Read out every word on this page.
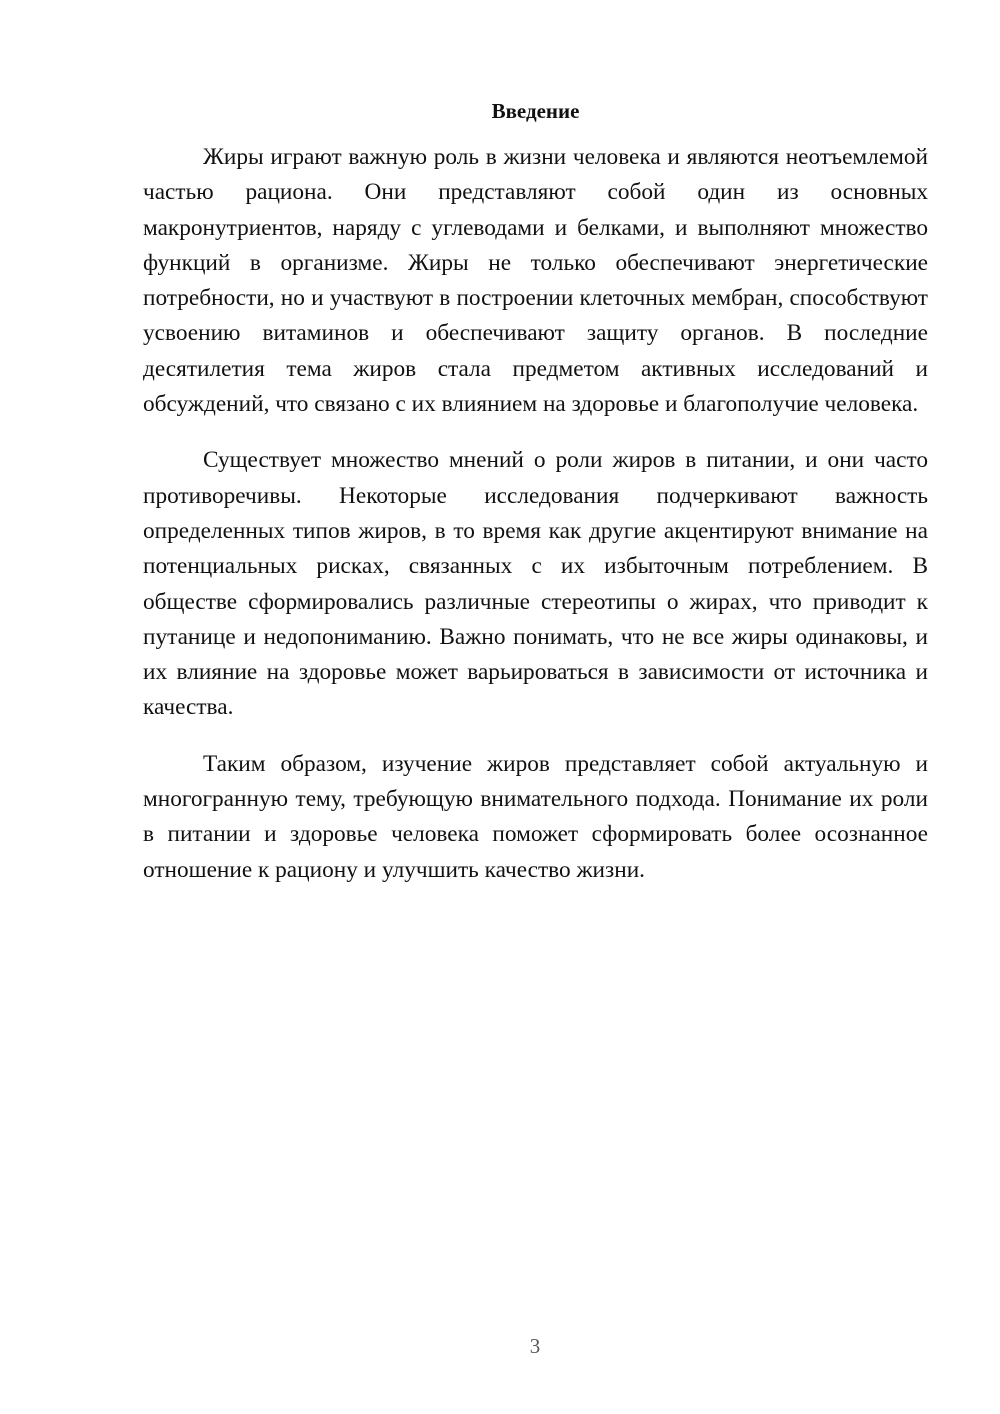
Введение

Жиры играют важную роль в жизни человека и являются неотъемлемой частью рациона. Они представляют собой один из основных макронутриентов, наряду с углеводами и белками, и выполняют множество функций в организме. Жиры не только обеспечивают энергетические потребности, но и участвуют в построении клеточных мембран, способствуют усвоению витаминов и обеспечивают защиту органов. В последние десятилетия тема жиров стала предметом активных исследований и обсуждений, что связано с их влиянием на здоровье и благополучие человека.

Существует множество мнений о роли жиров в питании, и они часто противоречивы. Некоторые исследования подчеркивают важность определенных типов жиров, в то время как другие акцентируют внимание на потенциальных рисках, связанных с их избыточным потреблением. В обществе сформировались различные стереотипы о жирах, что приводит к путанице и недопониманию. Важно понимать, что не все жиры одинаковы, и их влияние на здоровье может варьироваться в зависимости от источника и качества.

Таким образом, изучение жиров представляет собой актуальную и многогранную тему, требующую внимательного подхода. Понимание их роли в питании и здоровье человека поможет сформировать более осознанное отношение к рациону и улучшить качество жизни.

3
